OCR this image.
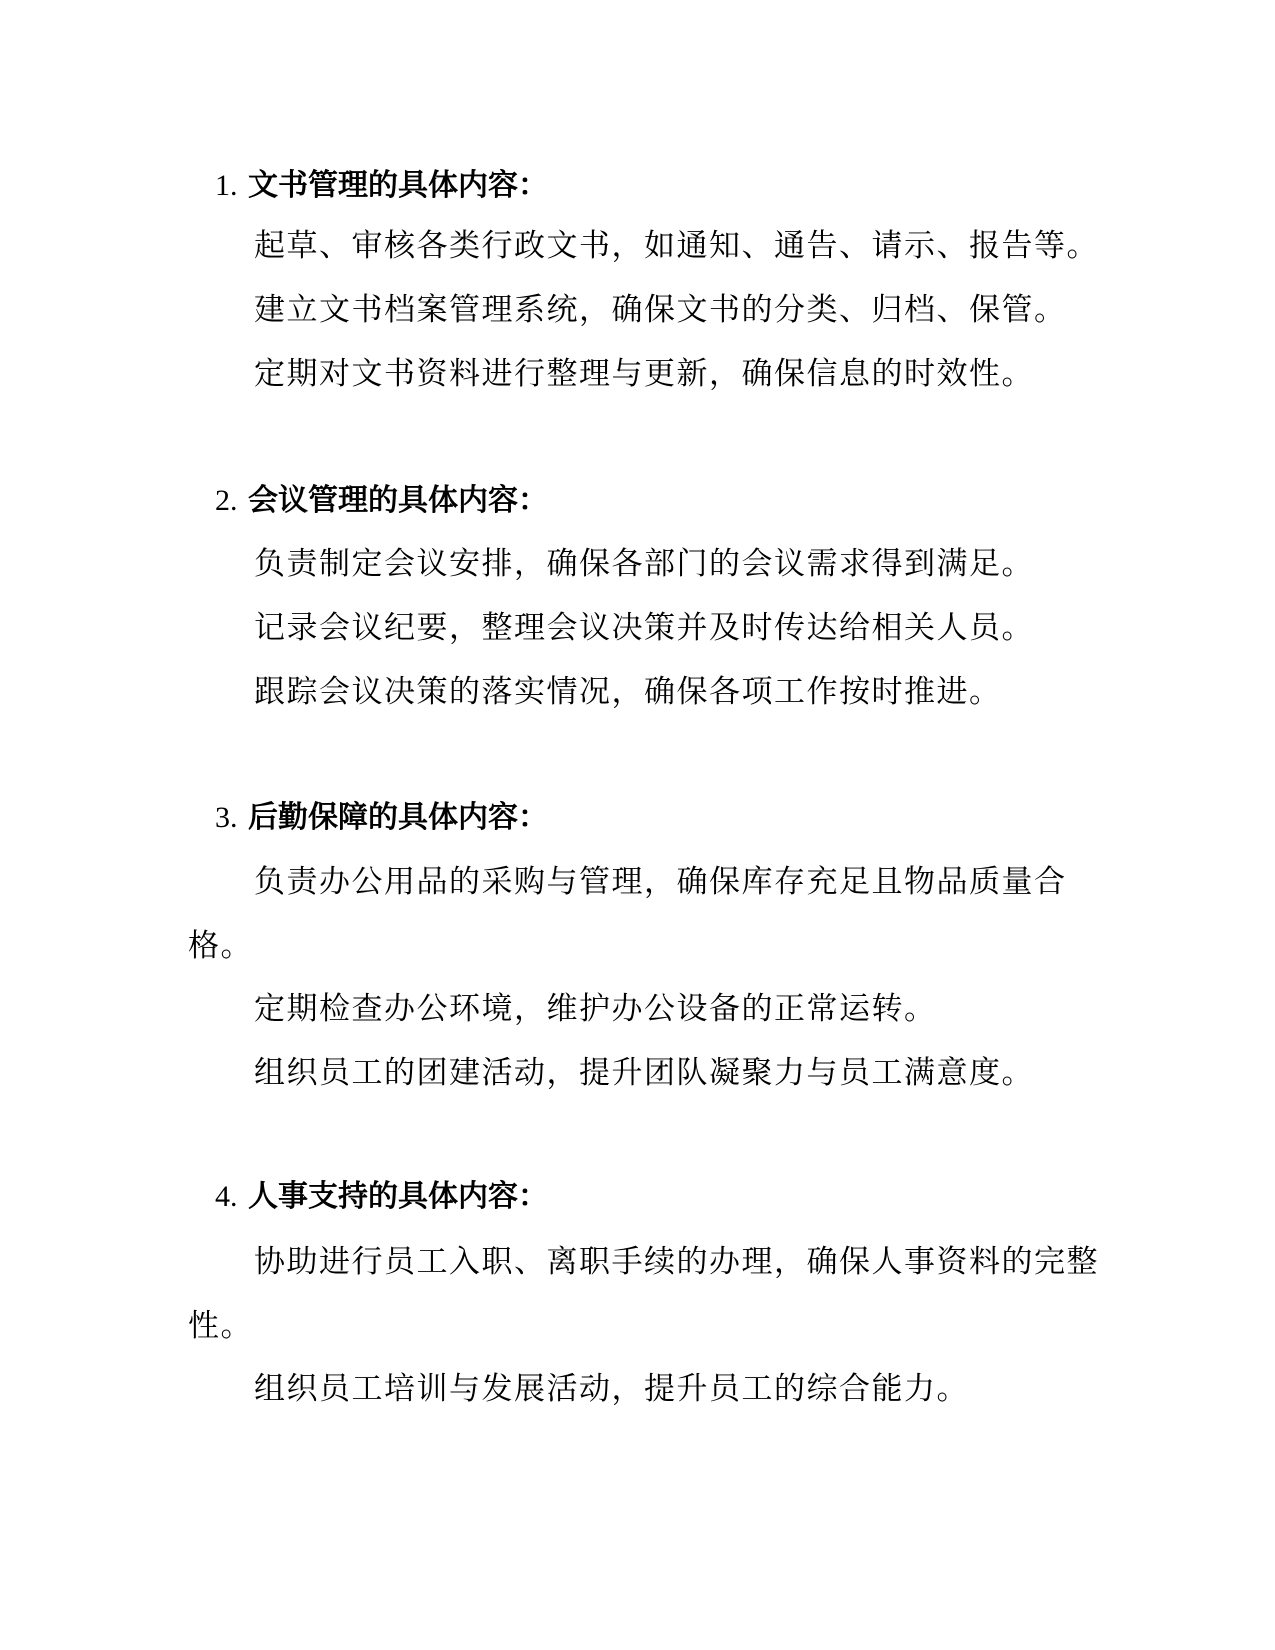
1. 文书管理的具体内容：
起草、审核各类行政文书，如通知、通告、请示、报告等。
建立文书档案管理系统，确保文书的分类、归档、保管。
定期对文书资料进行整理与更新，确保信息的时效性。
2. 会议管理的具体内容：
负责制定会议安排，确保各部门的会议需求得到满足。
记录会议纪要，整理会议决策并及时传达给相关人员。
跟踪会议决策的落实情况，确保各项工作按时推进。
3. 后勤保障的具体内容：
负责办公用品的采购与管理，确保库存充足且物品质量合格。
定期检查办公环境，维护办公设备的正常运转。
组织员工的团建活动，提升团队凝聚力与员工满意度。
4. 人事支持的具体内容：
协助进行员工入职、离职手续的办理，确保人事资料的完整性。
组织员工培训与发展活动，提升员工的综合能力。
